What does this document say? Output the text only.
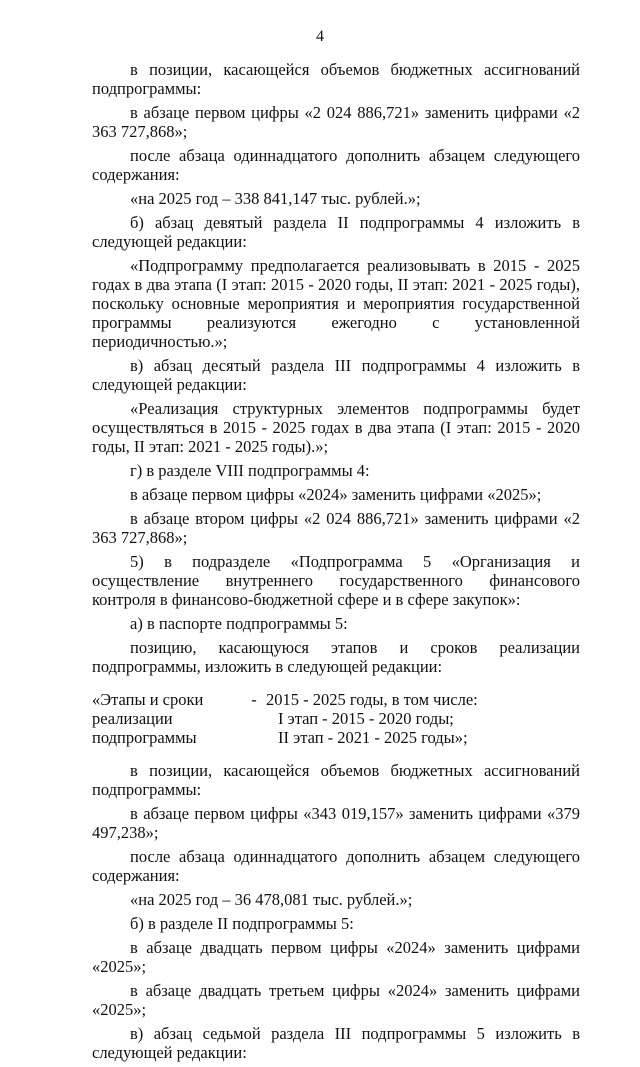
4

в позиции, касающейся объемов бюджетных ассигнований подпрограммы:

в абзаце первом цифры «2 024 886,721» заменить цифрами «2 363 727,868»;

после абзаца одиннадцатого дополнить абзацем следующего содержания:

«на 2025 год – 338 841,147 тыс. рублей.»;

б) абзац девятый раздела II подпрограммы 4 изложить в следующей редакции:

«Подпрограмму предполагается реализовывать в 2015 - 2025 годах в два этапа (I этап: 2015 - 2020 годы, II этап: 2021 - 2025 годы), поскольку основные мероприятия и мероприятия государственной программы реализуются ежегодно с установленной периодичностью.»;

в) абзац десятый раздела III подпрограммы 4 изложить в следующей редакции:

«Реализация структурных элементов подпрограммы будет осуществляться в 2015 - 2025 годах в два этапа (I этап: 2015 - 2020 годы, II этап: 2021 - 2025 годы).»;

г) в разделе VIII подпрограммы 4:

в абзаце первом цифры «2024» заменить цифрами «2025»;

в абзаце втором цифры «2 024 886,721» заменить цифрами «2 363 727,868»;

5) в подразделе «Подпрограмма 5 «Организация и осуществление внутреннего государственного финансового контроля в финансово-бюджетной сфере и в сфере закупок»:

а) в паспорте подпрограммы 5:

позицию, касающуюся этапов и сроков реализации подпрограммы, изложить в следующей редакции:

«Этапы и сроки
реализации
подпрограммы
- 2015 - 2025 годы, в том числе:
I этап - 2015 - 2020 годы;
II этап - 2021 - 2025 годы»;

в позиции, касающейся объемов бюджетных ассигнований подпрограммы:

в абзаце первом цифры «343 019,157» заменить цифрами «379 497,238»;

после абзаца одиннадцатого дополнить абзацем следующего содержания:

«на 2025 год – 36 478,081 тыс. рублей.»;

б) в разделе II подпрограммы 5:

в абзаце двадцать первом цифры «2024» заменить цифрами «2025»;

в абзаце двадцать третьем цифры «2024» заменить цифрами «2025»;

в) абзац седьмой раздела III подпрограммы 5 изложить в следующей редакции:
